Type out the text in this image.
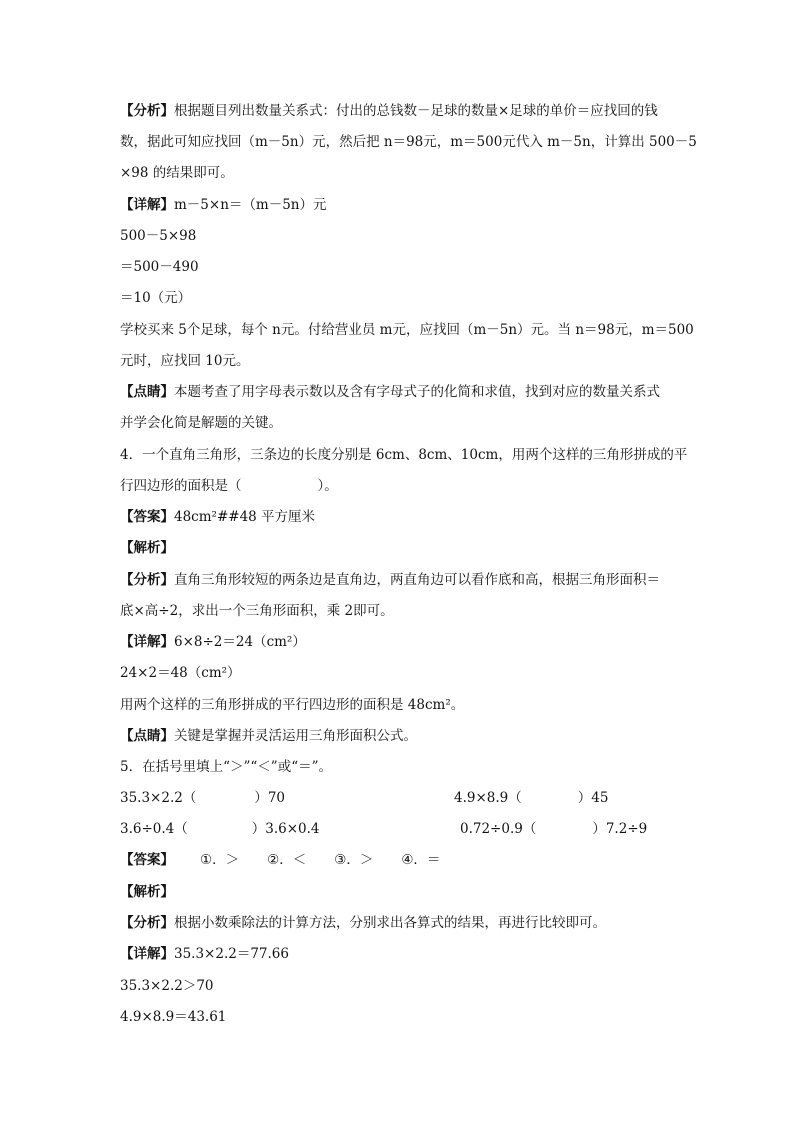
【分析】根据题目列出数量关系式：付出的总钱数－足球的数量×足球的单价＝应找回的钱
数，据此可知应找回（m－5n）元，然后把 n＝98元，m＝500元代入 m－5n，计算出 500－5
×98 的结果即可。
【详解】m－5×n＝（m－5n）元
500－5×98
＝500－490
＝10（元）
学校买来 5个足球，每个 n元。付给营业员 m元，应找回（m－5n）元。当 n＝98元，m＝500
元时，应找回 10元。
【点睛】本题考查了用字母表示数以及含有字母式子的化简和求值，找到对应的数量关系式
并学会化简是解题的关键。
4．一个直角三角形，三条边的长度分别是 6cm、8cm、10cm，用两个这样的三角形拼成的平
行四边形的面积是（	）。
【答案】48cm²##48 平方厘米
【解析】
【分析】直角三角形较短的两条边是直角边，两直角边可以看作底和高，根据三角形面积＝
底×高÷2，求出一个三角形面积，乘 2即可。
【详解】6×8÷2＝24（cm²）
24×2＝48（cm²）
用两个这样的三角形拼成的平行四边形的面积是 48cm²。
【点睛】关键是掌握并灵活运用三角形面积公式。
5．在括号里填上“＞”“＜”或“＝”。
35.3×2.2（	）70	4.9×8.9（	）45
3.6÷0.4（	）3.6×0.4	0.72÷0.9（	）7.2÷9
【答案】 ①．＞ ②．＜ ③．＞ ④．＝
【解析】
【分析】根据小数乘除法的计算方法，分别求出各算式的结果，再进行比较即可。
【详解】35.3×2.2＝77.66
35.3×2.2＞70
4.9×8.9＝43.61
